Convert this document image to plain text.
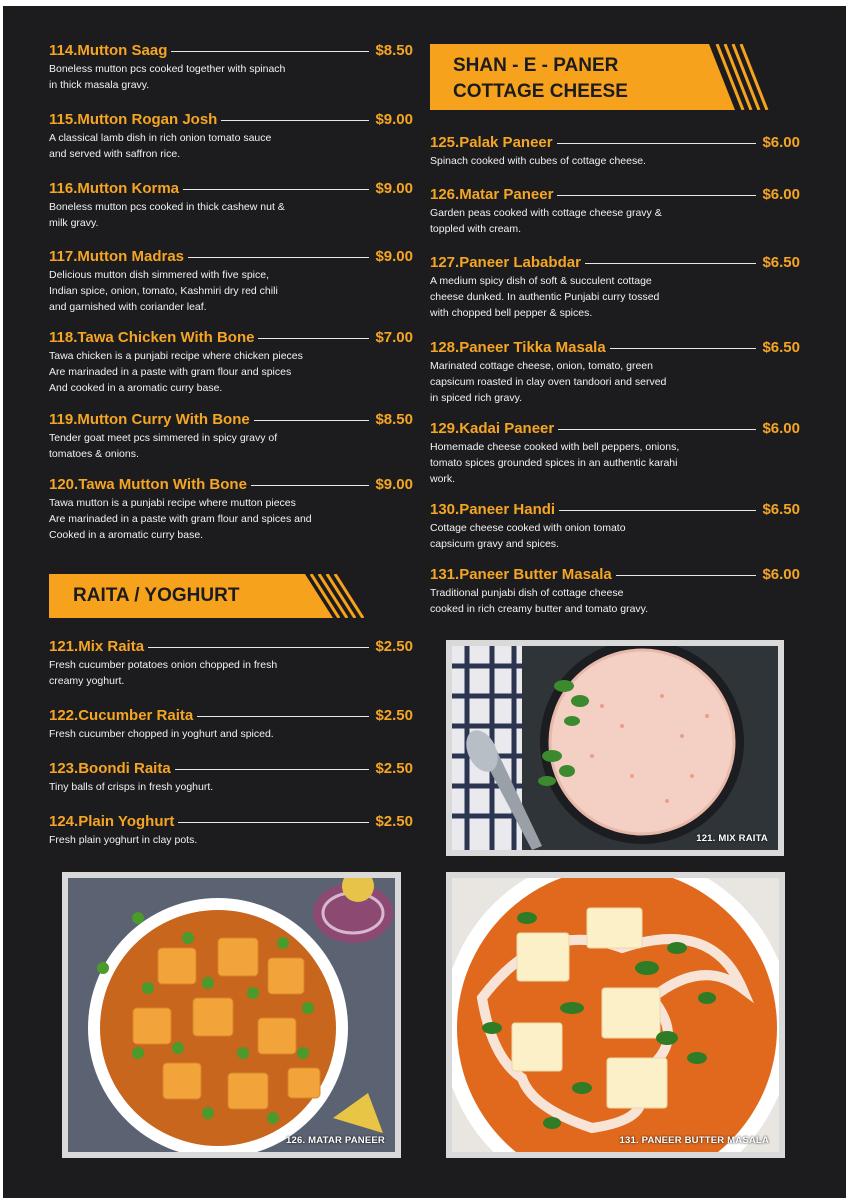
114.Mutton Saag	$8.50
Boneless mutton pcs cooked together with spinach
in thick masala gravy.
115.Mutton Rogan Josh	$9.00
A classical lamb dish in rich onion tomato sauce
and served with saffron rice.
116.Mutton Korma	$9.00
Boneless mutton pcs cooked in thick cashew nut &
milk gravy.
117.Mutton Madras	$9.00
Delicious mutton dish simmered with five spice,
Indian spice, onion, tomato, Kashmiri dry red chili
and garnished with coriander leaf.
118.Tawa Chicken With Bone	$7.00
Tawa chicken is a punjabi recipe where chicken pieces
Are marinaded in a paste with gram flour and spices
And cooked in a aromatic curry base.
119.Mutton Curry With Bone	$8.50
Tender goat meet pcs simmered in spicy gravy of
tomatoes & onions.
120.Tawa Mutton With Bone	$9.00
Tawa mutton is a punjabi recipe where mutton pieces
Are marinaded in a paste with gram flour and spices and
Cooked in a aromatic curry base.
RAITA / YOGHURT
121.Mix Raita	$2.50
Fresh cucumber potatoes onion chopped in fresh
creamy yoghurt.
122.Cucumber Raita	$2.50
Fresh cucumber chopped in yoghurt and spiced.
123.Boondi Raita	$2.50
Tiny balls of crisps in fresh yoghurt.
124.Plain Yoghurt	$2.50
Fresh plain yoghurt in clay pots.
SHAN - E - PANER
COTTAGE CHEESE
125.Palak Paneer	$6.00
Spinach cooked with cubes of cottage cheese.
126.Matar Paneer	$6.00
Garden peas cooked with cottage cheese gravy &
toppled with cream.
127.Paneer Lababdar	$6.50
A medium spicy dish of soft & succulent cottage
cheese dunked. In authentic Punjabi curry tossed
with chopped bell pepper & spices.
128.Paneer Tikka Masala	$6.50
Marinated cottage cheese, onion, tomato, green
capsicum roasted in clay oven tandoori and served
in spiced rich gravy.
129.Kadai Paneer	$6.00
Homemade cheese cooked with bell peppers, onions,
tomato spices grounded spices in an authentic karahi
work.
130.Paneer Handi	$6.50
Cottage cheese cooked with onion tomato
capsicum gravy and spices.
131.Paneer Butter Masala	$6.00
Traditional punjabi dish of cottage cheese
cooked in rich creamy butter and tomato gravy.
121. MIX RAITA
126. MATAR PANEER	131. PANEER BUTTER MASALA
